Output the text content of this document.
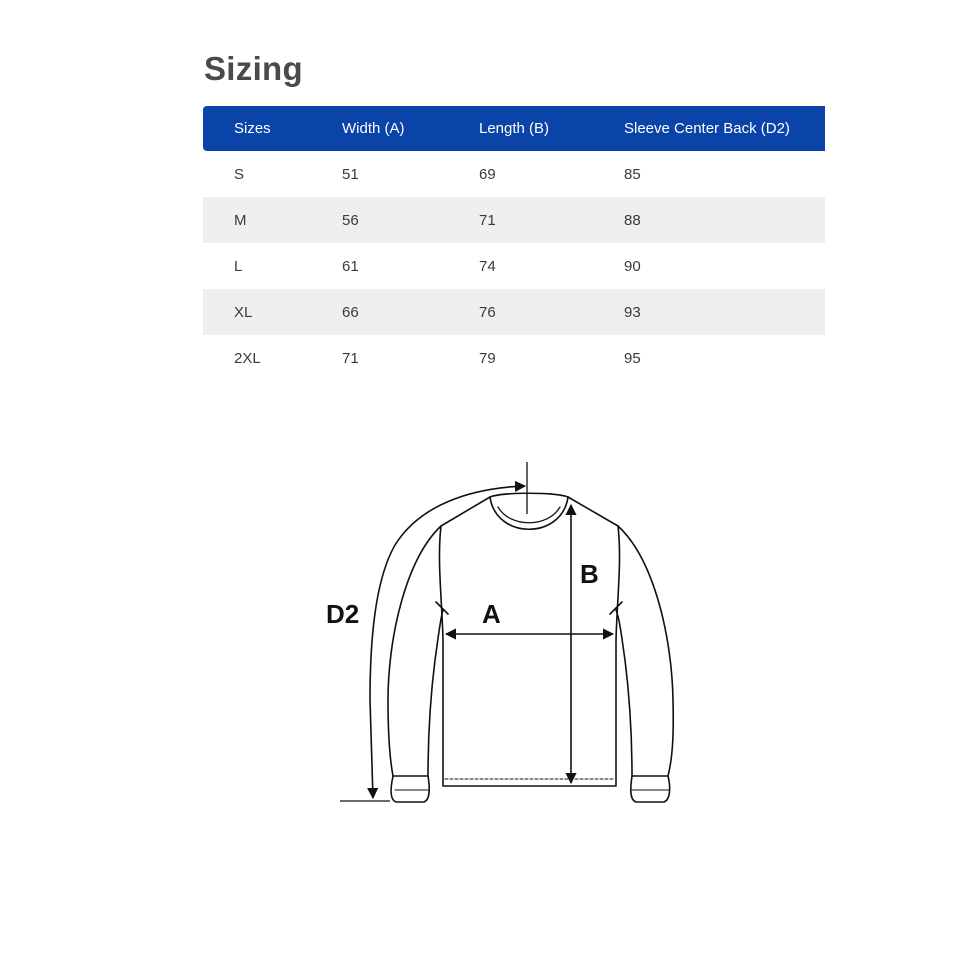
Sizing
Sizes	Width (A)	Length (B)	Sleeve Center Back (D2)
S	51	69	85
M	56	71	88
L	61	74	90
XL	66	76	93
2XL	71	79	95
A
B
D2
